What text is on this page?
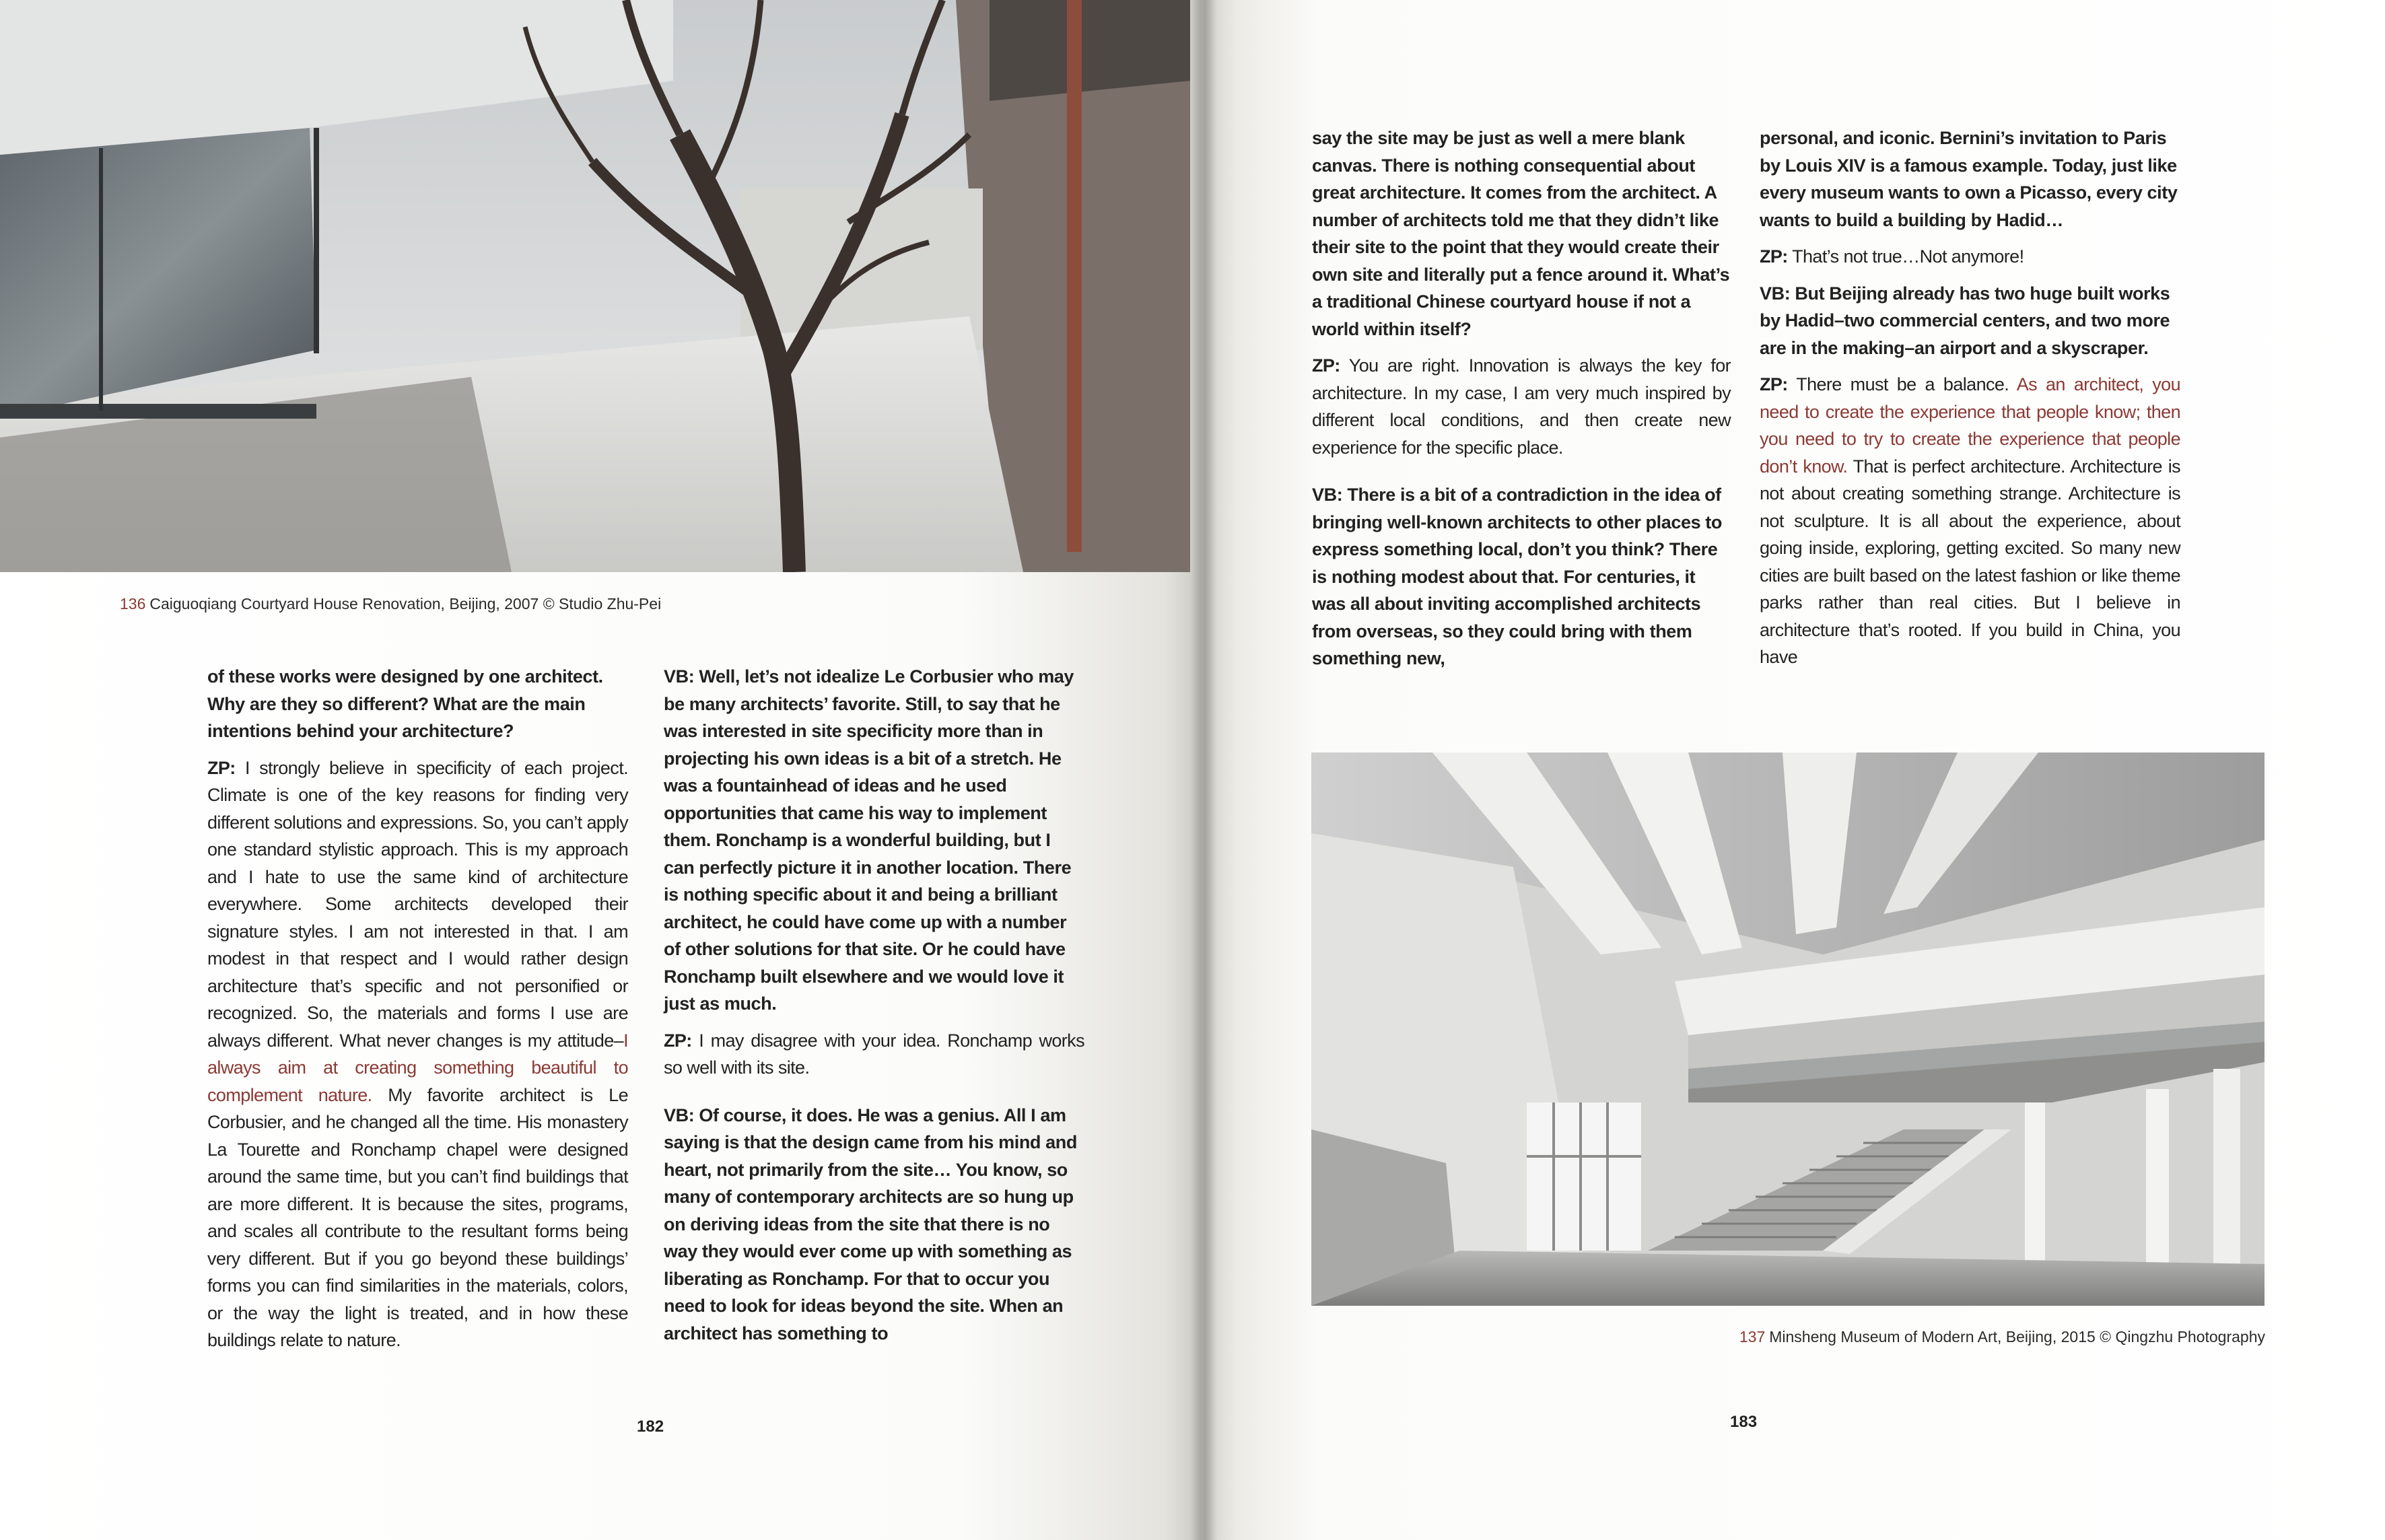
136 Caiguoqiang Courtyard House Renovation, Beijing, 2007 © Studio Zhu-Pei

of these works were designed by one architect. Why are they so different? What are the main intentions behind your architecture?

ZP: I strongly believe in specificity of each project. Climate is one of the key reasons for finding very different solutions and expressions. So, you can’t apply one standard stylistic approach. This is my approach and I hate to use the same kind of architecture everywhere. Some architects developed their signature styles. I am not interested in that. I am modest in that respect and I would rather design architecture that’s specific and not personified or recognized. So, the materials and forms I use are always different. What never changes is my attitude–I always aim at creating something beautiful to complement nature. My favorite architect is Le Corbusier, and he changed all the time. His monastery La Tourette and Ronchamp chapel were designed around the same time, but you can’t find buildings that are more different. It is because the sites, programs, and scales all contribute to the resultant forms being very different. But if you go beyond these buildings’ forms you can find similarities in the materials, colors, or the way the light is treated, and in how these buildings relate to nature.

VB: Well, let’s not idealize Le Corbusier who may be many architects’ favorite. Still, to say that he was interested in site specificity more than in projecting his own ideas is a bit of a stretch. He was a fountainhead of ideas and he used opportunities that came his way to implement them. Ronchamp is a wonderful building, but I can perfectly picture it in another location. There is nothing specific about it and being a brilliant architect, he could have come up with a number of other solutions for that site. Or he could have Ronchamp built elsewhere and we would love it just as much.

ZP: I may disagree with your idea. Ronchamp works so well with its site.

VB: Of course, it does. He was a genius. All I am saying is that the design came from his mind and heart, not primarily from the site… You know, so many of contemporary architects are so hung up on deriving ideas from the site that there is no way they would ever come up with something as liberating as Ronchamp. For that to occur you need to look for ideas beyond the site. When an architect has something to

182

say the site may be just as well a mere blank canvas. There is nothing consequential about great architecture. It comes from the architect. A number of architects told me that they didn’t like their site to the point that they would create their own site and literally put a fence around it. What’s a traditional Chinese courtyard house if not a world within itself?

ZP: You are right. Innovation is always the key for architecture. In my case, I am very much inspired by different local conditions, and then create new experience for the specific place.

VB: There is a bit of a contradiction in the idea of bringing well-known architects to other places to express something local, don’t you think? There is nothing modest about that. For centuries, it was all about inviting accomplished architects from overseas, so they could bring with them something new,

personal, and iconic. Bernini’s invitation to Paris by Louis XIV is a famous example. Today, just like every museum wants to own a Picasso, every city wants to build a building by Hadid…

ZP: That’s not true…Not anymore!

VB: But Beijing already has two huge built works by Hadid–two commercial centers, and two more are in the making–an airport and a skyscraper.

ZP: There must be a balance. As an architect, you need to create the experience that people know; then you need to try to create the experience that people don’t know. That is perfect architecture. Architecture is not about creating something strange. Architecture is not sculpture. It is all about the experience, about going inside, exploring, getting excited. So many new cities are built based on the latest fashion or like theme parks rather than real cities. But I believe in architecture that’s rooted. If you build in China, you have

137 Minsheng Museum of Modern Art, Beijing, 2015 © Qingzhu Photography
183
